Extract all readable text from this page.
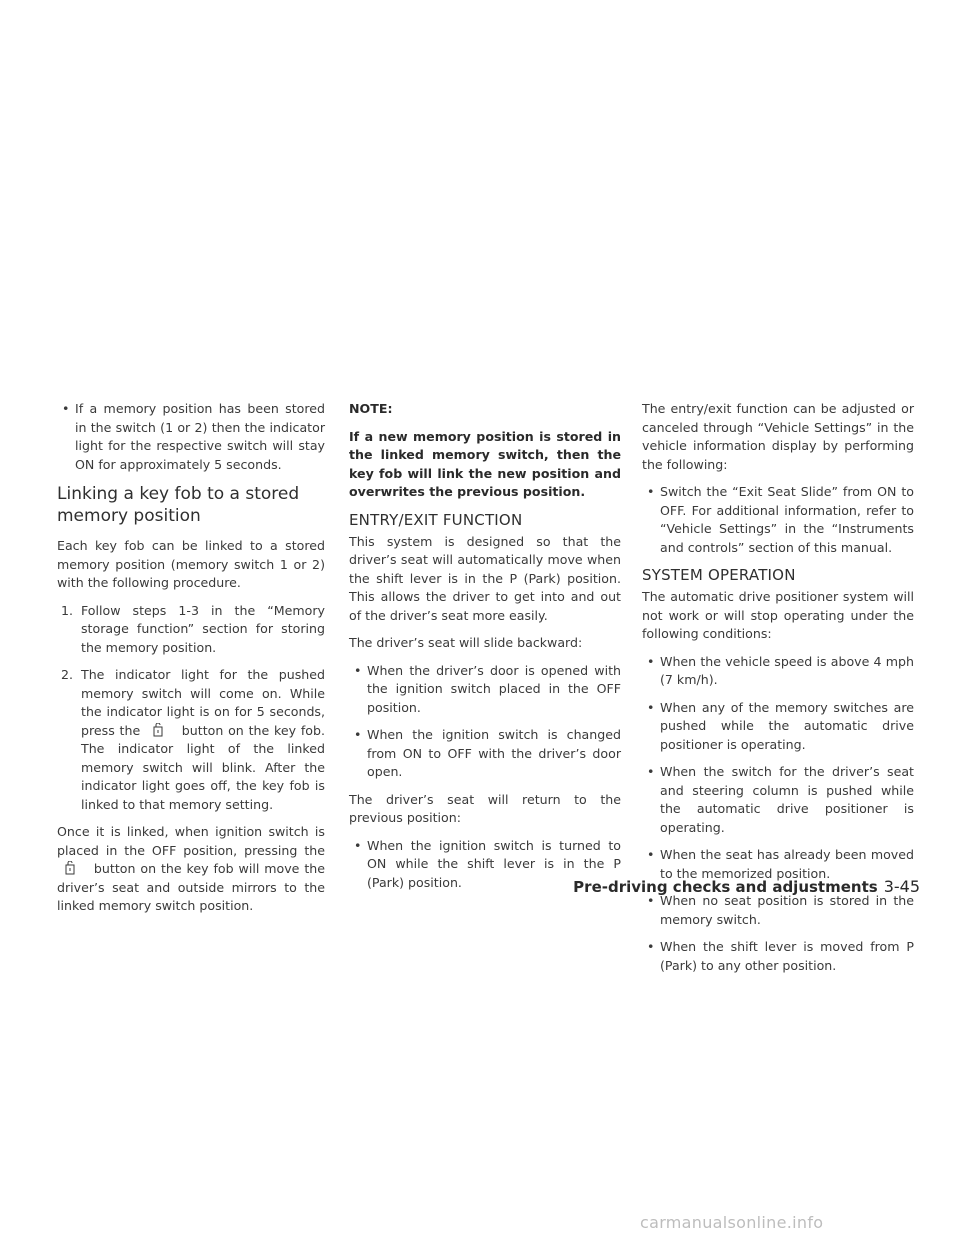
• If a memory position has been stored in the switch (1 or 2) then the indicator light for the respective switch will stay ON for approximately 5 seconds.
Linking a key fob to a stored memory position
Each key fob can be linked to a stored memory position (memory switch 1 or 2) with the following procedure.
1. Follow steps 1-3 in the “Memory storage function” section for storing the memory position.
2. The indicator light for the pushed memory switch will come on. While the indicator light is on for 5 seconds, press the	button on the key fob. The indicator light of the linked memory switch will blink. After the indicator light goes off, the key fob is linked to that memory setting.
Once it is linked, when ignition switch is placed in the OFF position, pressing the  button on the key fob will move the driver’s seat and outside mirrors to the linked memory switch position.
NOTE:
If a new memory position is stored in the linked memory switch, then the key fob will link the new position and overwrites the previous position.
ENTRY/EXIT FUNCTION
This system is designed so that the driver’s seat will automatically move when the shift lever is in the P (Park) position. This allows the driver to get into and out of the driver’s seat more easily.
The driver’s seat will slide backward:
• When the driver’s door is opened with the ignition switch placed in the OFF position.
• When the ignition switch is changed from ON to OFF with the driver’s door open.
The driver’s seat will return to the previous position:
• When the ignition switch is turned to ON while the shift lever is in the P (Park) position.
The entry/exit function can be adjusted or canceled through “Vehicle Settings” in the vehicle information display by performing the following:
• Switch the “Exit Seat Slide” from ON to OFF. For additional information, refer to “Vehicle Settings” in the “Instruments and controls” section of this manual.
SYSTEM OPERATION
The automatic drive positioner system will not work or will stop operating under the following conditions:
• When the vehicle speed is above 4 mph (7 km/h).
• When any of the memory switches are pushed while the automatic drive positioner is operating.
• When the switch for the driver’s seat and steering column is pushed while the automatic drive positioner is operating.
• When the seat has already been moved to the memorized position.
• When no seat position is stored in the memory switch.
• When the shift lever is moved from P (Park) to any other position.
Pre-driving checks and adjustments 3-45
carmanualsonline.info
